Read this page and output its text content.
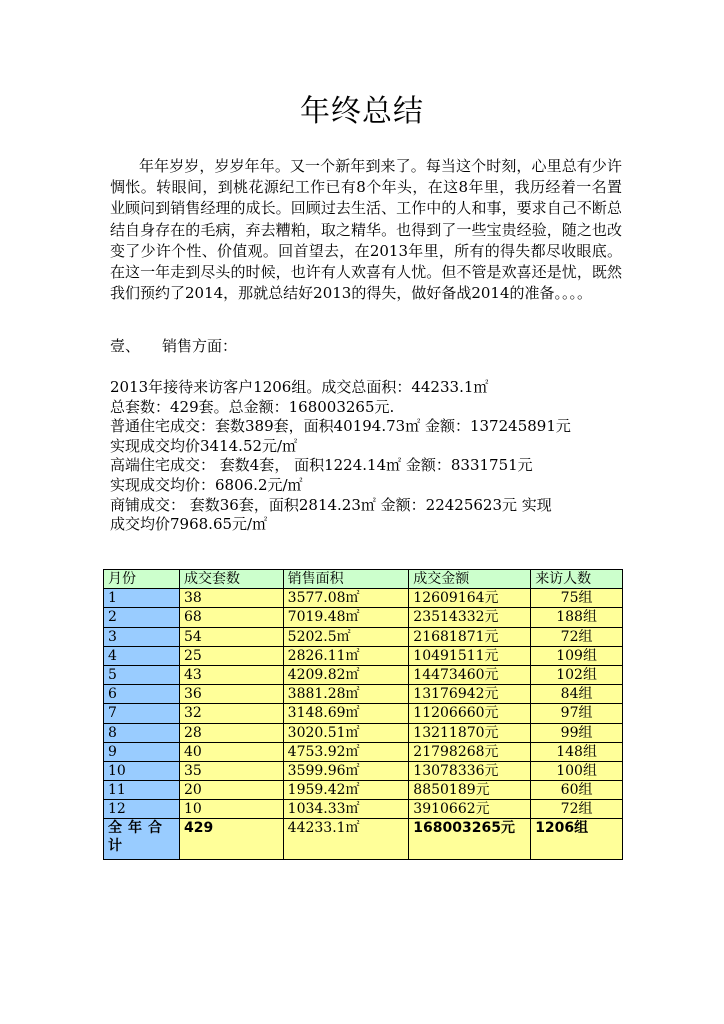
年终总结

年年岁岁，岁岁年年。又一个新年到来了。每当这个时刻，心里总有少许惆怅。转眼间，到桃花源纪工作已有8个年头，在这8年里，我历经着一名置业顾问到销售经理的成长。回顾过去生活、工作中的人和事，要求自己不断总结自身存在的毛病，弃去糟粕，取之精华。也得到了一些宝贵经验，随之也改变了少许个性、价值观。回首望去，在2013年里，所有的得失都尽收眼底。在这一年走到尽头的时候，也许有人欢喜有人忧。但不管是欢喜还是忧，既然我们预约了2014，那就总结好2013的得失，做好备战2014的准备。。。。

壹、 销售方面：
2013年接待来访客户1206组。成交总面积：44233.1㎡
总套数：429套。总金额：168003265元.
普通住宅成交：套数389套，面积40194.73㎡ 金额：137245891元
实现成交均价3414.52元/㎡
高端住宅成交： 套数4套， 面积1224.14㎡ 金额：8331751元
实现成交均价：6806.2元/㎡
商铺成交： 套数36套，面积2814.23㎡ 金额：22425623元 实现
成交均价7968.65元/㎡
月份	成交套数	销售面积	成交金额	来访人数
1	38	3577.08㎡	12609164元	75组
2	68	7019.48㎡	23514332元	188组
3	54	5202.5㎡	21681871元	72组
4	25	2826.11㎡	10491511元	109组
5	43	4209.82㎡	14473460元	102组
6	36	3881.28㎡	13176942元	84组
7	32	3148.69㎡	11206660元	97组
8	28	3020.51㎡	13211870元	99组
9	40	4753.92㎡	21798268元	148组
10	35	3599.96㎡	13078336元	100组
11	20	1959.42㎡	8850189元	60组
12	10	1034.33㎡	3910662元	72组

全年合计	429	44233.1㎡	168003265元	1206组
